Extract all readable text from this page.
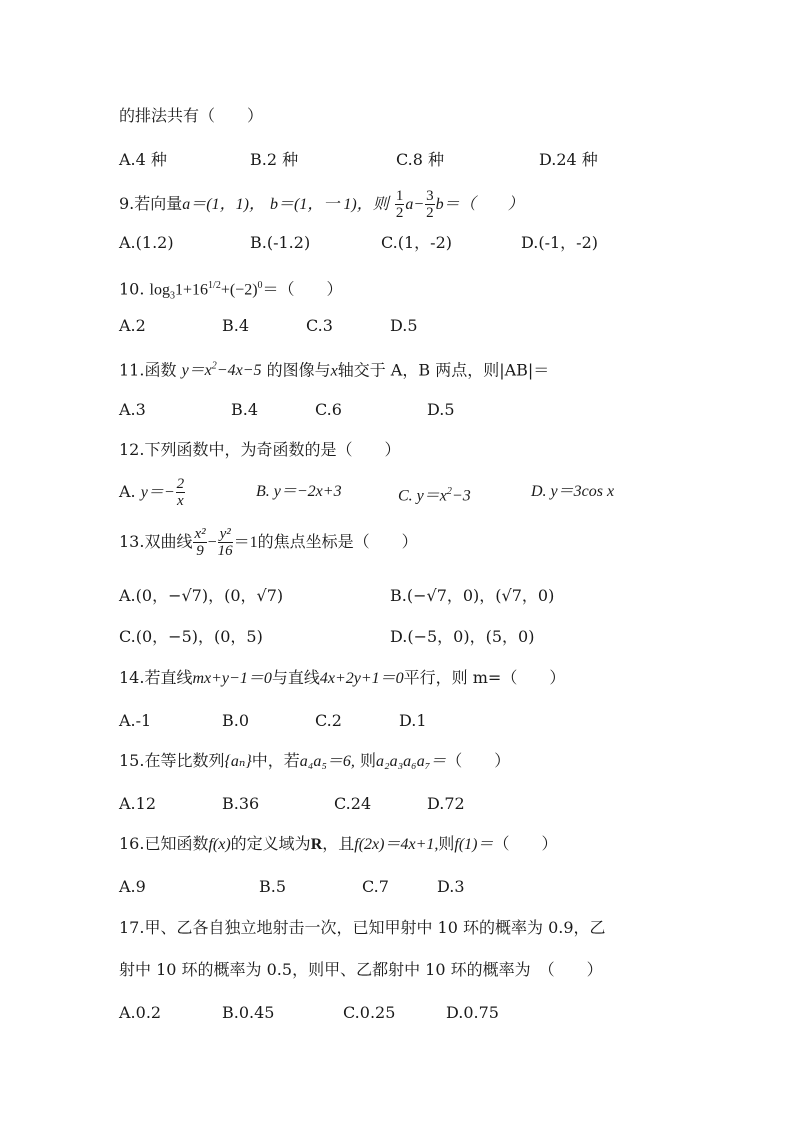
的排法共有（　　）
A.4 种	B.2 种	C.8 种	D.24 种
9.若向量a＝(1，1)， b＝(1，一 1)，则 $\frac{1}{2} a- \frac{3}{2} b=$（　　）
A.(1.2)	B.(-1.2)	C.(1，-2)	D.(-1，-2)
10. $\log_31+16^{1/2}+(-2)^0=$（　　）
A.2	B.4	C.3	D.5
11.函数 $y=x^2-4x-5$ 的图像与x轴交于 A，B 两点，则|AB|＝
A.3	B.4	C.6	D.5
12.下列函数中，为奇函数的是（　　）
A. $y=- \frac{2}{x}$	B. y＝−2x+3	C. $y=x^2-3$	D. y＝3cos x
13.双曲线 $\frac{\text{x²}}{9} - \frac{\text{y²}}{16} =1$的焦点坐标是（　　）
A.(0，−√7)，(0，√7)	B.(−√7，0)，(√7，0)
C.(0，−5)，(0，5)	D.(−5，0)，(5，0)
14.若直线mx+y−1＝0与直线4x+2y+1＝0平行，则 m=（　　）
A.-1	B.0	C.2	D.1
15.在等比数列{aₙ}中，若a₄a₅＝6, 则a₂a₃a₆a₇＝（　　）
A.12	B.36	C.24	D.72
16.已知函数f(x)的定义域为R，且f(2x)＝4x+1,则f(1)＝（　　）
A.9	B.5	C.7	D.3
17.甲、乙各自独立地射击一次，已知甲射中 10 环的概率为 0.9，乙
射中 10 环的概率为 0.5，则甲、乙都射中 10 环的概率为　（　　）
A.0.2	B.0.45	C.0.25	D.0.75
